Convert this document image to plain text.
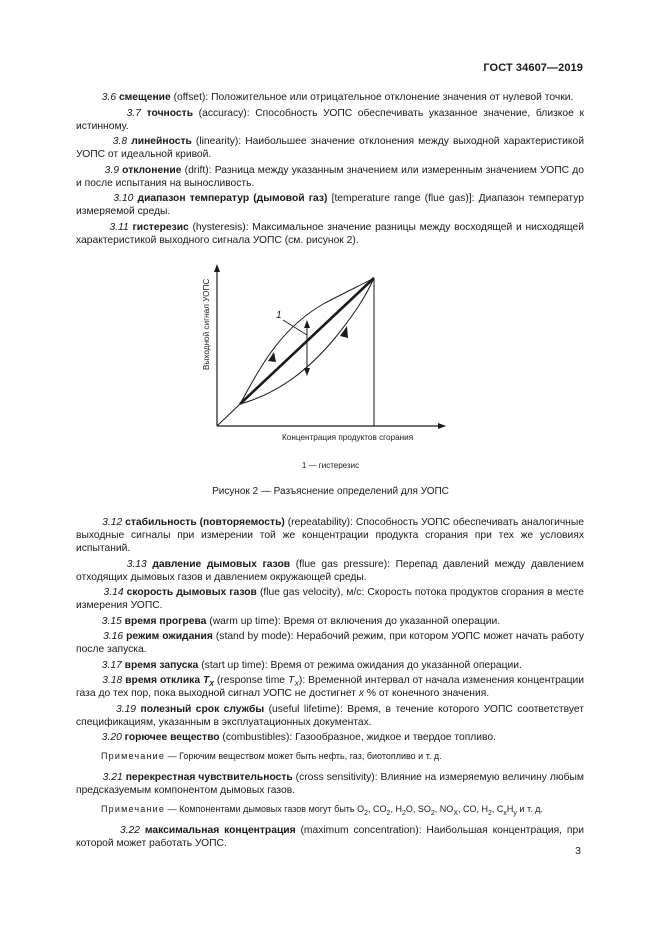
ГОСТ 34607—2019

3.6 смещение (offset): Положительное или отрицательное отклонение значения от нулевой точки.

3.7 точность (accuracy): Способность УОПС обеспечивать указанное значение, близкое к истинному.

3.8 линейность (linearity): Наибольшее значение отклонения между выходной характеристикой УОПС от идеальной кривой.

3.9 отклонение (drift): Разница между указанным значением или измеренным значением УОПС до и после испытания на выносливость.

3.10 диапазон температур (дымовой газ) [temperature range (flue gas)]: Диапазон температур измеряемой среды.

3.11 гистерезис (hysteresis): Максимальное значение разницы между восходящей и нисходящей характеристикой выходного сигнала УОПС (см. рисунок 2).

1
Выходной сигнал УОПС
Концентрация продуктов сгорания
1 — гистерезис
Рисунок 2 — Разъяснение определений для УОПС

3.12 стабильность (повторяемость) (repeatability): Способность УОПС обеспечивать аналогичные выходные сигналы при измерении той же концентрации продукта сгорания при тех же условиях испытаний.

3.13 давление дымовых газов (flue gas pressure): Перепад давлений между давлением отходящих дымовых газов и давлением окружающей среды.

3.14 скорость дымовых газов (flue gas velocity), м/с: Скорость потока продуктов сгорания в месте измерения УОПС.

3.15 время прогрева (warm up time): Время от включения до указанной операции.

3.16 режим ожидания (stand by mode): Нерабочий режим, при котором УОПС может начать работу после запуска.

3.17 время запуска (start up time): Время от режима ожидания до указанной операции.

3.18 время отклика $T_X$ (response time $T_X$): Временной интервал от начала изменения концентрации газа до тех пор, пока выходной сигнал УОПС не достигнет x % от конечного значения.

3.19 полезный срок службы (useful lifetime): Время, в течение которого УОПС соответствует спецификациям, указанным в эксплуатационных документах.

3.20 горючее вещество (combustibles): Газообразное, жидкое и твердое топливо.

Примечание — Горючим веществом может быть нефть, газ, биотопливо и т. д.

3.21 перекрестная чувствительность (cross sensitivity): Влияние на измеряемую величину любым предсказуемым компонентом дымовых газов.

Примечание — Компонентами дымовых газов могут быть $O_2$, $CO_2$, $H_2O$, $SO_2$, $NO_X$, CO, $H_2$, $C_xH_y$ и т. д.

3.22 максимальная концентрация (maximum concentration): Наибольшая концентрация, при которой может работать УОПС.

3
